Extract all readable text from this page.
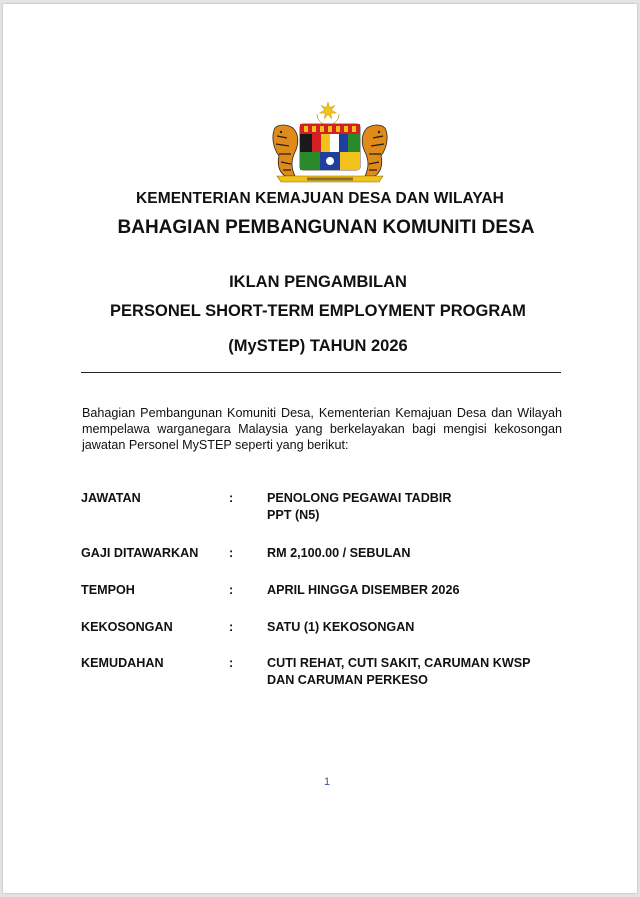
KEMENTERIAN KEMAJUAN DESA DAN WILAYAH
BAHAGIAN PEMBANGUNAN KOMUNITI DESA
IKLAN PENGAMBILAN
PERSONEL SHORT-TERM EMPLOYMENT PROGRAM
(MySTEP) TAHUN 2026
Bahagian Pembangunan Komuniti Desa, Kementerian Kemajuan Desa dan Wilayah mempelawa warganegara Malaysia yang berkelayakan bagi mengisi kekosongan jawatan Personel MySTEP seperti yang berikut:
JAWATAN	:	PENOLONG PEGAWAI TADBIR
PPT (N5)
GAJI DITAWARKAN :	RM 2,100.00 / SEBULAN
TEMPOH	:	APRIL HINGGA DISEMBER 2026
KEKOSONGAN	:	SATU (1) KEKOSONGAN
KEMUDAHAN	:	CUTI REHAT, CUTI SAKIT, CARUMAN KWSP
DAN CARUMAN PERKESO
1
